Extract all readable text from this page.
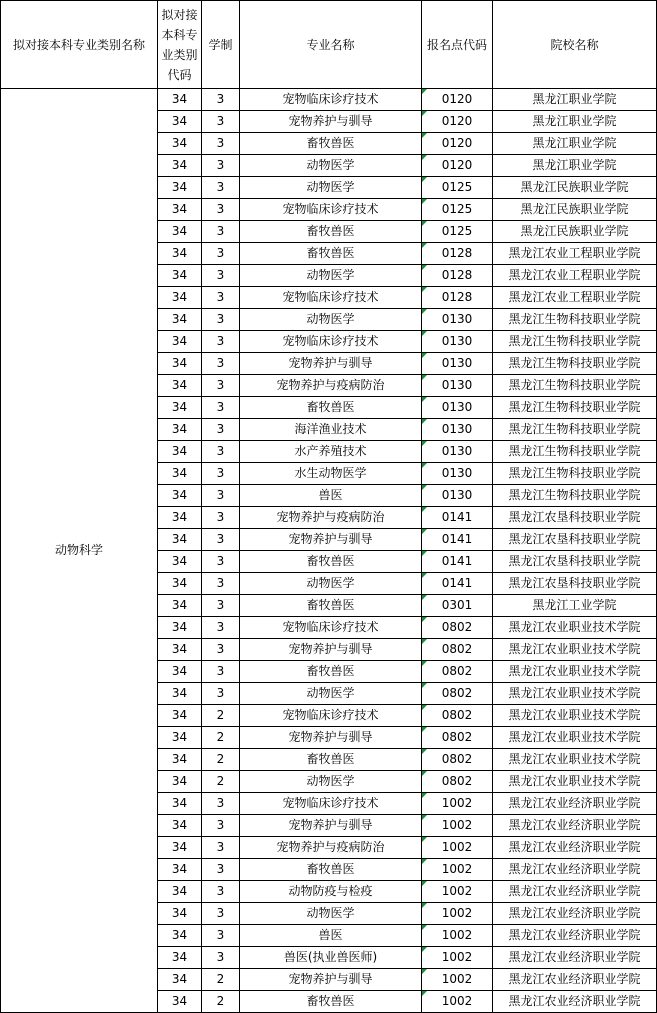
拟对接本科专业类别名称	拟对接本科专业类别代码	学制	专业名称	报名点代码	院校名称
动物科学	34	3	宠物临床诊疗技术	0120	黑龙江职业学院
	34	3	宠物养护与驯导	0120	黑龙江职业学院
	34	3	畜牧兽医	0120	黑龙江职业学院
	34	3	动物医学	0120	黑龙江职业学院
	34	3	动物医学	0125	黑龙江民族职业学院
	34	3	宠物临床诊疗技术	0125	黑龙江民族职业学院
	34	3	畜牧兽医	0125	黑龙江民族职业学院
	34	3	畜牧兽医	0128	黑龙江农业工程职业学院
	34	3	动物医学	0128	黑龙江农业工程职业学院
	34	3	宠物临床诊疗技术	0128	黑龙江农业工程职业学院
	34	3	动物医学	0130	黑龙江生物科技职业学院
	34	3	宠物临床诊疗技术	0130	黑龙江生物科技职业学院
	34	3	宠物养护与驯导	0130	黑龙江生物科技职业学院
	34	3	宠物养护与疫病防治	0130	黑龙江生物科技职业学院
	34	3	畜牧兽医	0130	黑龙江生物科技职业学院
	34	3	海洋渔业技术	0130	黑龙江生物科技职业学院
	34	3	水产养殖技术	0130	黑龙江生物科技职业学院
	34	3	水生动物医学	0130	黑龙江生物科技职业学院
	34	3	兽医	0130	黑龙江生物科技职业学院
	34	3	宠物养护与疫病防治	0141	黑龙江农垦科技职业学院
	34	3	宠物养护与驯导	0141	黑龙江农垦科技职业学院
	34	3	畜牧兽医	0141	黑龙江农垦科技职业学院
	34	3	动物医学	0141	黑龙江农垦科技职业学院
	34	3	畜牧兽医	0301	黑龙江工业学院
	34	3	宠物临床诊疗技术	0802	黑龙江农业职业技术学院
	34	3	宠物养护与驯导	0802	黑龙江农业职业技术学院
	34	3	畜牧兽医	0802	黑龙江农业职业技术学院
	34	3	动物医学	0802	黑龙江农业职业技术学院
	34	2	宠物临床诊疗技术	0802	黑龙江农业职业技术学院
	34	2	宠物养护与驯导	0802	黑龙江农业职业技术学院
	34	2	畜牧兽医	0802	黑龙江农业职业技术学院
	34	2	动物医学	0802	黑龙江农业职业技术学院
	34	3	宠物临床诊疗技术	1002	黑龙江农业经济职业学院
	34	3	宠物养护与驯导	1002	黑龙江农业经济职业学院
	34	3	宠物养护与疫病防治	1002	黑龙江农业经济职业学院
	34	3	畜牧兽医	1002	黑龙江农业经济职业学院
	34	3	动物防疫与检疫	1002	黑龙江农业经济职业学院
	34	3	动物医学	1002	黑龙江农业经济职业学院
	34	3	兽医	1002	黑龙江农业经济职业学院
	34	3	兽医(执业兽医师)	1002	黑龙江农业经济职业学院
	34	2	宠物养护与驯导	1002	黑龙江农业经济职业学院
	34	2	畜牧兽医	1002	黑龙江农业经济职业学院
